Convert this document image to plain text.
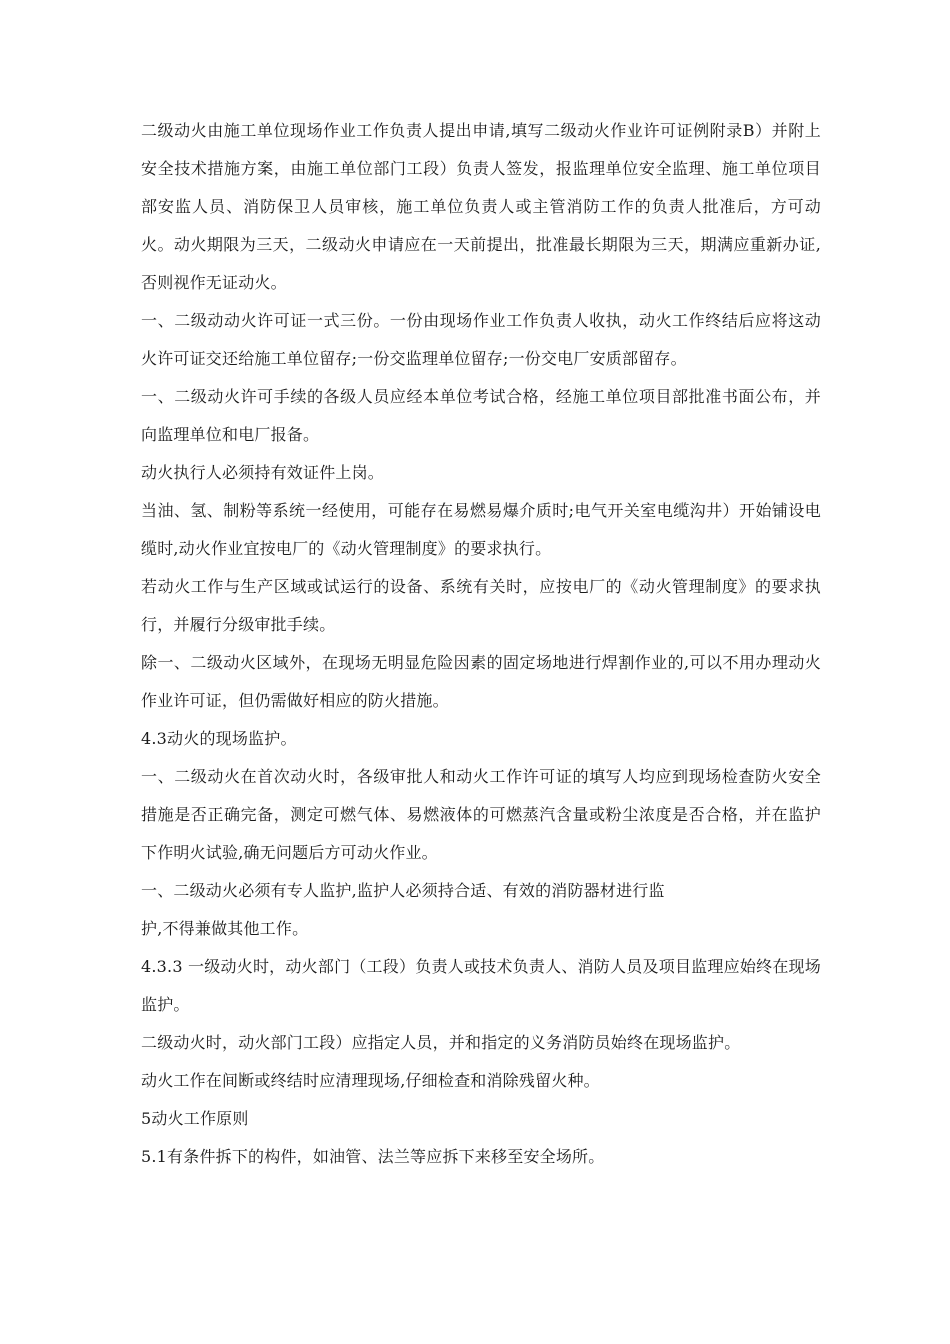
二级动火由施工单位现场作业工作负责人提出申请,填写二级动火作业许可证例附录B）并附上安全技术措施方案，由施工单位部门工段）负责人签发，报监理单位安全监理、施工单位项目部安监人员、消防保卫人员审核，施工单位负责人或主管消防工作的负责人批准后，方可动火。动火期限为三天，二级动火申请应在一天前提出，批准最长期限为三天，期满应重新办证,否则视作无证动火。

一、二级动动火许可证一式三份。一份由现场作业工作负责人收执，动火工作终结后应将这动火许可证交还给施工单位留存;一份交监理单位留存;一份交电厂安质部留存。

一、二级动火许可手续的各级人员应经本单位考试合格，经施工单位项目部批准书面公布，并向监理单位和电厂报备。

动火执行人必须持有效证件上岗。

当油、氢、制粉等系统一经使用，可能存在易燃易爆介质时;电气开关室电缆沟井）开始铺设电缆时,动火作业宜按电厂的《动火管理制度》的要求执行。

若动火工作与生产区域或试运行的设备、系统有关时，应按电厂的《动火管理制度》的要求执行，并履行分级审批手续。

除一、二级动火区域外，在现场无明显危险因素的固定场地进行焊割作业的,可以不用办理动火作业许可证，但仍需做好相应的防火措施。

4.3动火的现场监护。

一、二级动火在首次动火时，各级审批人和动火工作许可证的填写人均应到现场检查防火安全措施是否正确完备，测定可燃气体、易燃液体的可燃蒸汽含量或粉尘浓度是否合格，并在监护下作明火试验,确无问题后方可动火作业。

一、二级动火必须有专人监护,监护人必须持合适、有效的消防器材进行监

护,不得兼做其他工作。

4.3.3 一级动火时，动火部门（工段）负责人或技术负责人、消防人员及项目监理应始终在现场监护。

二级动火时，动火部门工段）应指定人员，并和指定的义务消防员始终在现场监护。

动火工作在间断或终结时应清理现场,仔细检查和消除残留火种。

5动火工作原则

5.1有条件拆下的构件，如油管、法兰等应拆下来移至安全场所。
